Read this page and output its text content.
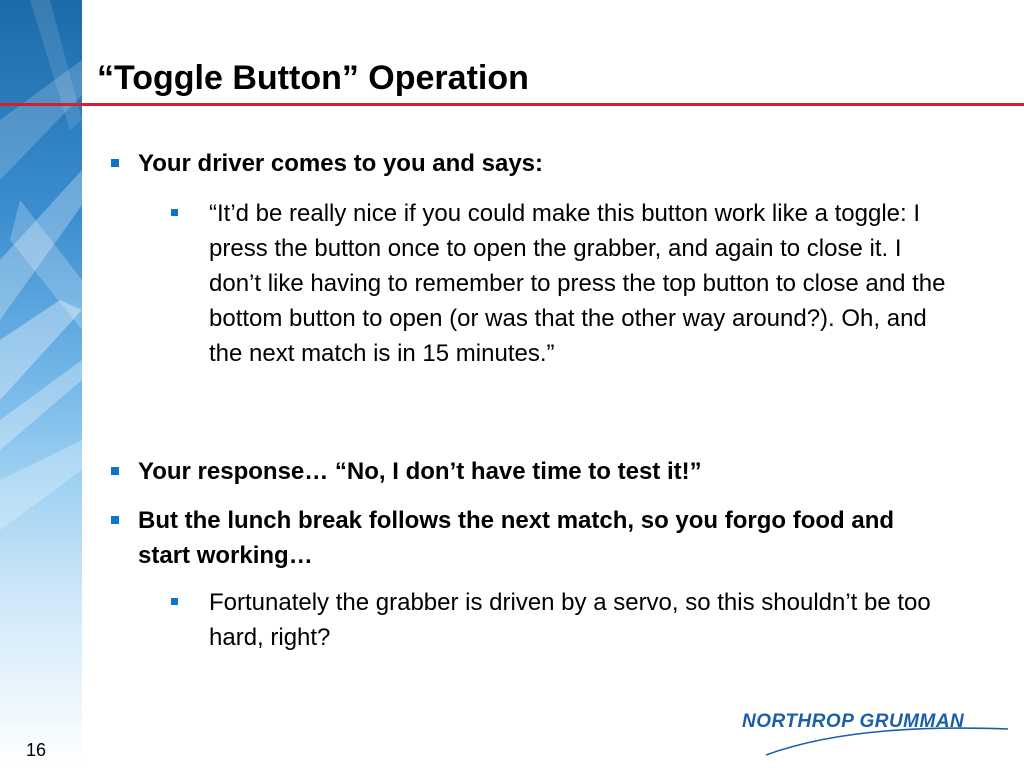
“Toggle Button” Operation

Your driver comes to you and says:

“It’d be really nice if you could make this button work like a toggle: I press the button once to open the grabber, and again to close it. I don’t like having to remember to press the top button to close and the bottom button to open (or was that the other way around?). Oh, and the next match is in 15 minutes.”

Your response… “No, I don’t have time to test it!”

But the lunch break follows the next match, so you forgo food and start working…

Fortunately the grabber is driven by a servo, so this shouldn’t be too hard, right?

16
NORTHROP GRUMMAN
